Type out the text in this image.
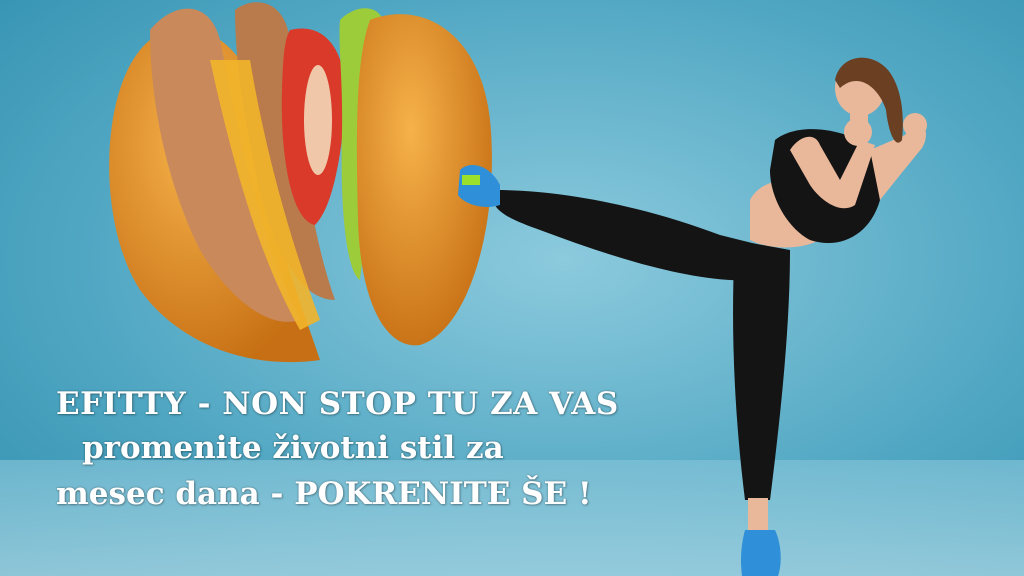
EFITTY - NON STOP TU ZA VAS
promenite životni stil za
mesec dana - POKRENITE ŠE !
